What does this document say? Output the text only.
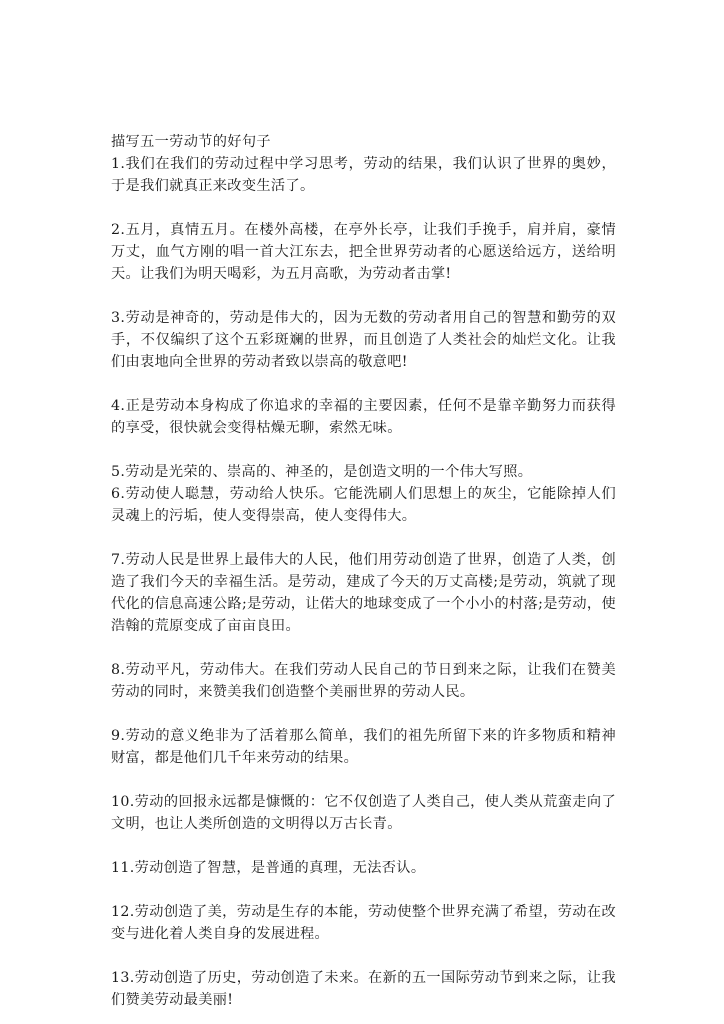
描写五一劳动节的好句子

1.我们在我们的劳动过程中学习思考，劳动的结果，我们认识了世界的奥妙，于是我们就真正来改变生活了。

2.五月，真情五月。在楼外高楼，在亭外长亭，让我们手挽手，肩并肩，豪情万丈，血气方刚的唱一首大江东去，把全世界劳动者的心愿送给远方，送给明天。让我们为明天喝彩，为五月高歌，为劳动者击掌!

3.劳动是神奇的，劳动是伟大的，因为无数的劳动者用自己的智慧和勤劳的双手，不仅编织了这个五彩斑斓的世界，而且创造了人类社会的灿烂文化。让我们由衷地向全世界的劳动者致以崇高的敬意吧!

4.正是劳动本身构成了你追求的幸福的主要因素，任何不是靠辛勤努力而获得的享受，很快就会变得枯燥无聊，索然无味。

5.劳动是光荣的、崇高的、神圣的，是创造文明的一个伟大写照。

6.劳动使人聪慧，劳动给人快乐。它能洗刷人们思想上的灰尘，它能除掉人们灵魂上的污垢，使人变得崇高，使人变得伟大。

7.劳动人民是世界上最伟大的人民，他们用劳动创造了世界，创造了人类，创造了我们今天的幸福生活。是劳动，建成了今天的万丈高楼;是劳动，筑就了现代化的信息高速公路;是劳动，让偌大的地球变成了一个小小的村落;是劳动，使浩翰的荒原变成了亩亩良田。

8.劳动平凡，劳动伟大。在我们劳动人民自己的节日到来之际，让我们在赞美劳动的同时，来赞美我们创造整个美丽世界的劳动人民。

9.劳动的意义绝非为了活着那么简单，我们的祖先所留下来的许多物质和精神财富，都是他们几千年来劳动的结果。

10.劳动的回报永远都是慷慨的：它不仅创造了人类自己，使人类从荒蛮走向了文明，也让人类所创造的文明得以万古长青。

11.劳动创造了智慧，是普通的真理，无法否认。

12.劳动创造了美，劳动是生存的本能，劳动使整个世界充满了希望，劳动在改变与进化着人类自身的发展进程。

13.劳动创造了历史，劳动创造了未来。在新的五一国际劳动节到来之际，让我们赞美劳动最美丽!
